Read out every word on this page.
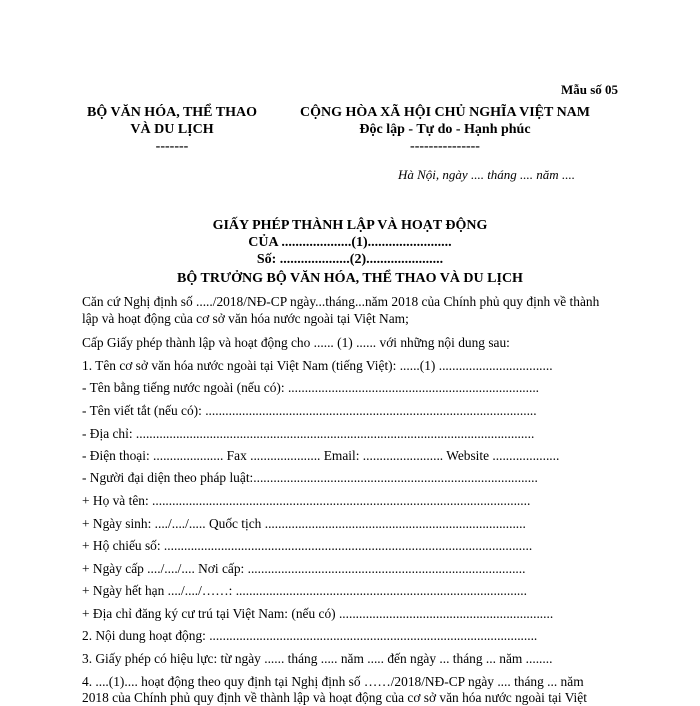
Mẫu số 05
BỘ VĂN HÓA, THỂ THAO
VÀ DU LỊCH
-------
CỘNG HÒA XÃ HỘI CHỦ NGHĨA VIỆT NAM
Độc lập - Tự do - Hạnh phúc
---------------
Hà Nội, ngày .... tháng .... năm ....
GIẤY PHÉP THÀNH LẬP VÀ HOẠT ĐỘNG
CỦA ....................(1)........................
Số: ....................(2)......................
BỘ TRƯỞNG BỘ VĂN HÓA, THỂ THAO VÀ DU LỊCH
Căn cứ Nghị định số ...../2018/NĐ-CP ngày...tháng...năm 2018 của Chính phủ quy định về thành
lập và hoạt động của cơ sở văn hóa nước ngoài tại Việt Nam;
Cấp Giấy phép thành lập và hoạt động cho ...... (1) ...... với những nội dung sau:
1. Tên cơ sở văn hóa nước ngoài tại Việt Nam (tiếng Việt): ......(1) ..................................
- Tên bằng tiếng nước ngoài (nếu có): ...........................................................................
- Tên viết tắt (nếu có): ...................................................................................................
- Địa chỉ: .......................................................................................................................
- Điện thoại: ..................... Fax ..................... Email: ........................ Website ....................
- Người đại diện theo pháp luật:.....................................................................................
+ Họ và tên: .................................................................................................................
+ Ngày sinh: ..../..../..... Quốc tịch ..............................................................................
+ Hộ chiếu số: ..............................................................................................................
+ Ngày cấp ..../..../.... Nơi cấp: ...................................................................................
+ Ngày hết hạn ..../..../……: .......................................................................................
+ Địa chỉ đăng ký cư trú tại Việt Nam: (nếu có) ................................................................
2. Nội dung hoạt động: ..................................................................................................
3. Giấy phép có hiệu lực: từ ngày ...... tháng ..... năm ..... đến ngày ... tháng ... năm ........
4. ....(1).... hoạt động theo quy định tại Nghị định số ……/2018/NĐ-CP ngày .... tháng ... năm
2018 của Chính phủ quy định về thành lập và hoạt động của cơ sở văn hóa nước ngoài tại Việt
